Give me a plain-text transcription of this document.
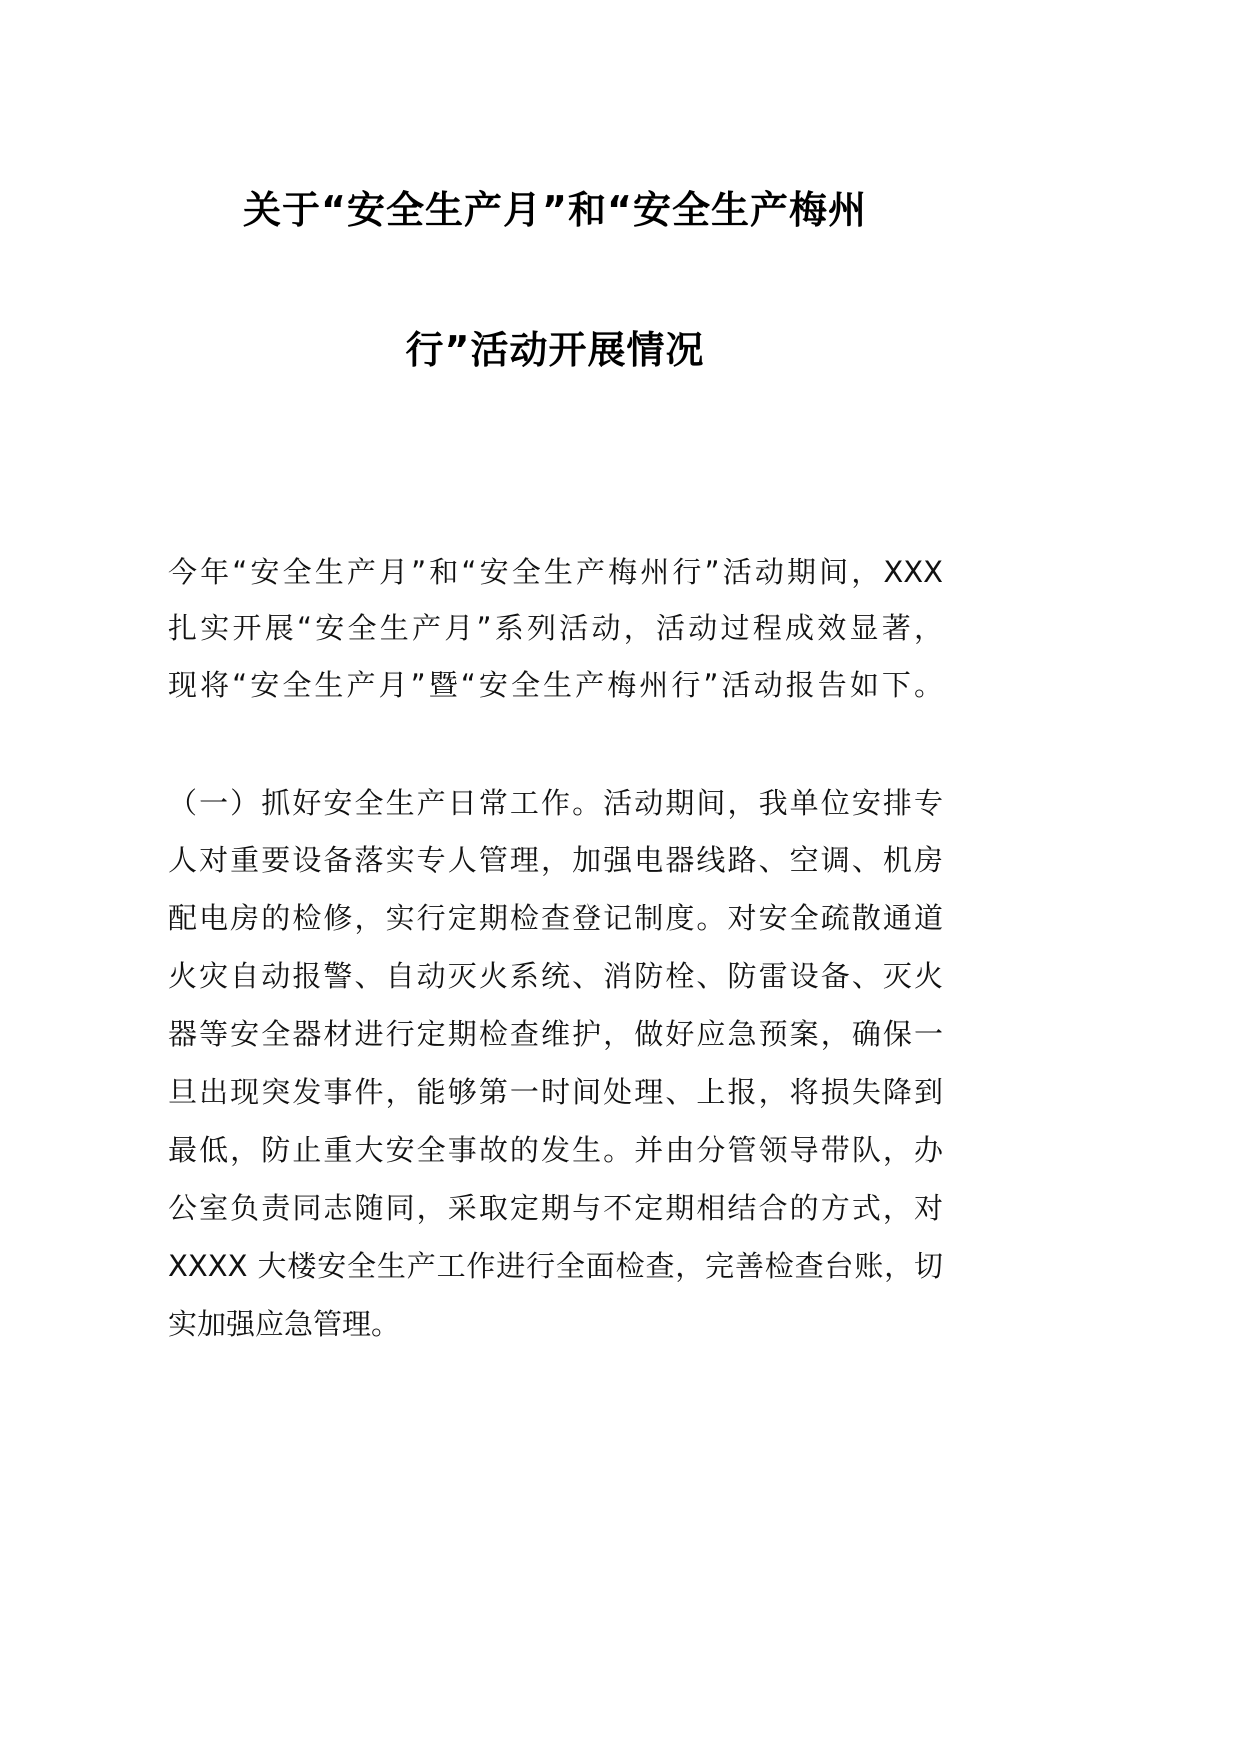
关于“安全生产月”和“安全生产梅州
行”活动开展情况
今年“安全生产月”和“安全生产梅州行”活动期间，XXX
扎实开展“安全生产月”系列活动，活动过程成效显著，
现将“安全生产月”暨“安全生产梅州行”活动报告如下。
（一）抓好安全生产日常工作。活动期间，我单位安排专
人对重要设备落实专人管理，加强电器线路、空调、机房
配电房的检修，实行定期检查登记制度。对安全疏散通道
火灾自动报警、自动灭火系统、消防栓、防雷设备、灭火
器等安全器材进行定期检查维护，做好应急预案，确保一
旦出现突发事件，能够第一时间处理、上报，将损失降到
最低，防止重大安全事故的发生。并由分管领导带队，办
公室负责同志随同，采取定期与不定期相结合的方式，对
XXXX 大楼安全生产工作进行全面检查，完善检查台账，切
实加强应急管理。
